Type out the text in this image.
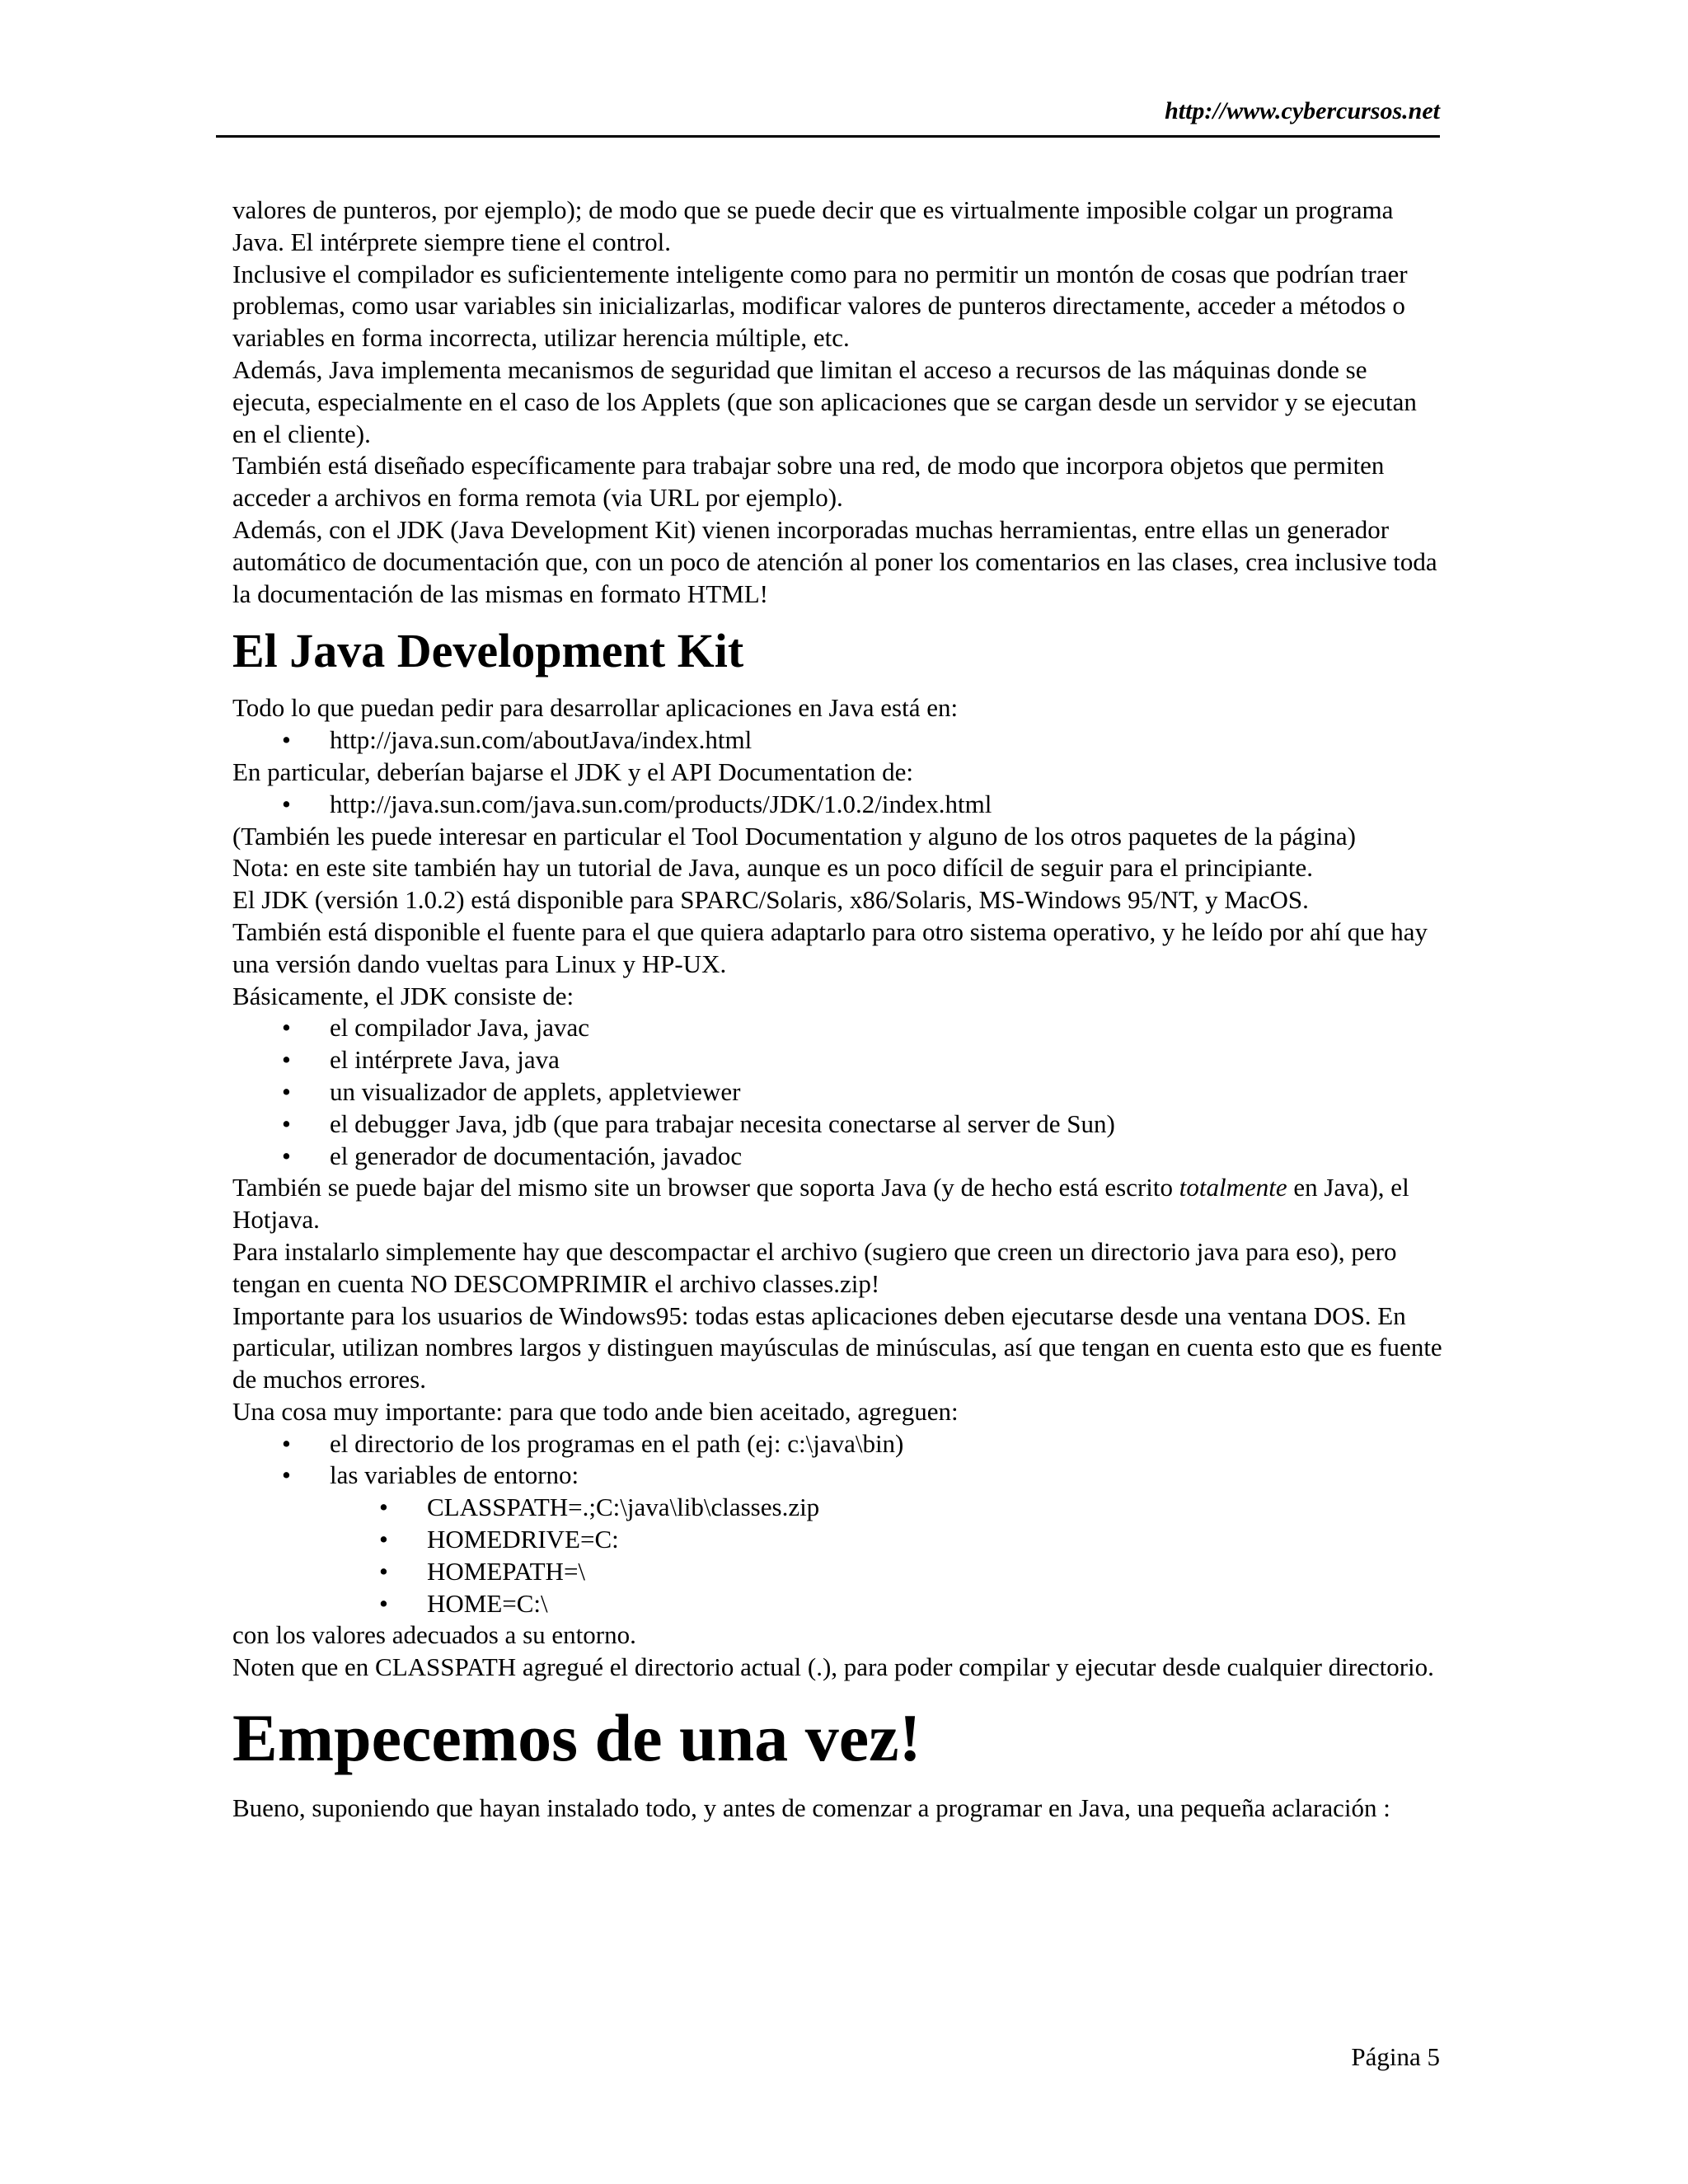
http://www.cybercursos.net

valores de punteros, por ejemplo); de modo que se puede decir que es virtualmente imposible colgar un programa Java. El intérprete siempre tiene el control.

Inclusive el compilador es suficientemente inteligente como para no permitir un montón de cosas que podrían traer problemas, como usar variables sin inicializarlas, modificar valores de punteros directamente, acceder a métodos o variables en forma incorrecta, utilizar herencia múltiple, etc.

Además, Java implementa mecanismos de seguridad que limitan el acceso a recursos de las máquinas donde se ejecuta, especialmente en el caso de los Applets (que son aplicaciones que se cargan desde un servidor y se ejecutan en el cliente).

También está diseñado específicamente para trabajar sobre una red, de modo que incorpora objetos que permiten acceder a archivos en forma remota (via URL por ejemplo).

Además, con el JDK (Java Development Kit) vienen incorporadas muchas herramientas, entre ellas un generador automático de documentación que, con un poco de atención al poner los comentarios en las clases, crea inclusive toda la documentación de las mismas en formato HTML!

El Java Development Kit

Todo lo que puedan pedir para desarrollar aplicaciones en Java está en:

• http://java.sun.com/aboutJava/index.html

En particular, deberían bajarse el JDK y el API Documentation de:

• http://java.sun.com/java.sun.com/products/JDK/1.0.2/index.html

(También les puede interesar en particular el Tool Documentation y alguno de los otros paquetes de la página)

Nota: en este site también hay un tutorial de Java, aunque es un poco difícil de seguir para el principiante.

El JDK (versión 1.0.2) está disponible para SPARC/Solaris, x86/Solaris, MS-Windows 95/NT, y MacOS.

También está disponible el fuente para el que quiera adaptarlo para otro sistema operativo, y he leído por ahí que hay una versión dando vueltas para Linux y HP-UX.

Básicamente, el JDK consiste de:

• el compilador Java, javac
• el intérprete Java, java
• un visualizador de applets, appletviewer
• el debugger Java, jdb (que para trabajar necesita conectarse al server de Sun)
• el generador de documentación, javadoc

También se puede bajar del mismo site un browser que soporta Java (y de hecho está escrito totalmente en Java), el Hotjava.

Para instalarlo simplemente hay que descompactar el archivo (sugiero que creen un directorio java para eso), pero tengan en cuenta NO DESCOMPRIMIR el archivo classes.zip!

Importante para los usuarios de Windows95: todas estas aplicaciones deben ejecutarse desde una ventana DOS. En particular, utilizan nombres largos y distinguen mayúsculas de minúsculas, así que tengan en cuenta esto que es fuente de muchos errores.

Una cosa muy importante: para que todo ande bien aceitado, agreguen:

• el directorio de los programas en el path (ej: c:\java\bin)
• las variables de entorno:
• CLASSPATH=.;C:\java\lib\classes.zip
• HOMEDRIVE=C:
• HOMEPATH=\
• HOME=C:\

con los valores adecuados a su entorno.

Noten que en CLASSPATH agregué el directorio actual (.), para poder compilar y ejecutar desde cualquier directorio.

Empecemos de una vez!

Bueno, suponiendo que hayan instalado todo, y antes de comenzar a programar en Java, una pequeña aclaración :

Página 5
